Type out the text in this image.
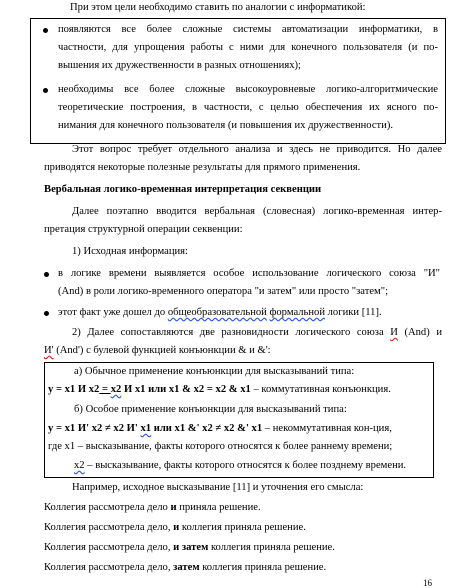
При этом цели необходимо ставить по аналогии с информатикой:
появляются все более сложные системы автоматизации информатики, в
частности, для упрощения работы с ними для конечного пользователя (и по-
вышения их дружественности в разных отношениях);
необходимы все более сложные высокоуровневые логико-алгоритмические
теоретические построения, в частности, с целью обеспечения их ясного по-
нимания для конечного пользователя (и повышения их дружественности).
Этот вопрос требует отдельного анализа и здесь не приводится. Но далее
приводятся некоторые полезные результаты для прямого применения.
Вербальная логико-временная интерпретация секвенции
Далее поэтапно вводится вербальная (словесная) логико-временная интер-
претация структурной операции секвенции:
1) Исходная информация:
в логике времени выявляется особое использование логического союза "И"
(And) в роли логико-временного оператора "и затем" или просто "затем";
этот факт уже дошел до общеобразовательной формальной логики [11].
2) Далее сопоставляются две разновидности логического союза И (And) и
И' (And') с булевой функцией конъюнкции & и &':
а) Обычное применение конъюнкции для высказываний типа:
y = x1 И x2 = x2 И x1 или x1 & x2 = x2 & x1 – коммутативная конъюнкция.
б) Особое применение конъюнкции для высказываний типа:
y = x1 И' x2 ≠ x2 И' x1 или x1 &' x2 ≠ x2 &' x1 – некоммутативная кон-ция,
где x1 – высказывание, факты которого относятся к более раннему времени;
x2 – высказывание, факты которого относятся к более позднему времени.
Например, исходное высказывание [11] и уточнения его смысла:
Коллегия рассмотрела дело и приняла решение.
Коллегия рассмотрела дело, и коллегия приняла решение.
Коллегия рассмотрела дело, и затем коллегия приняла решение.
Коллегия рассмотрела дело, затем коллегия приняла решение.
16
